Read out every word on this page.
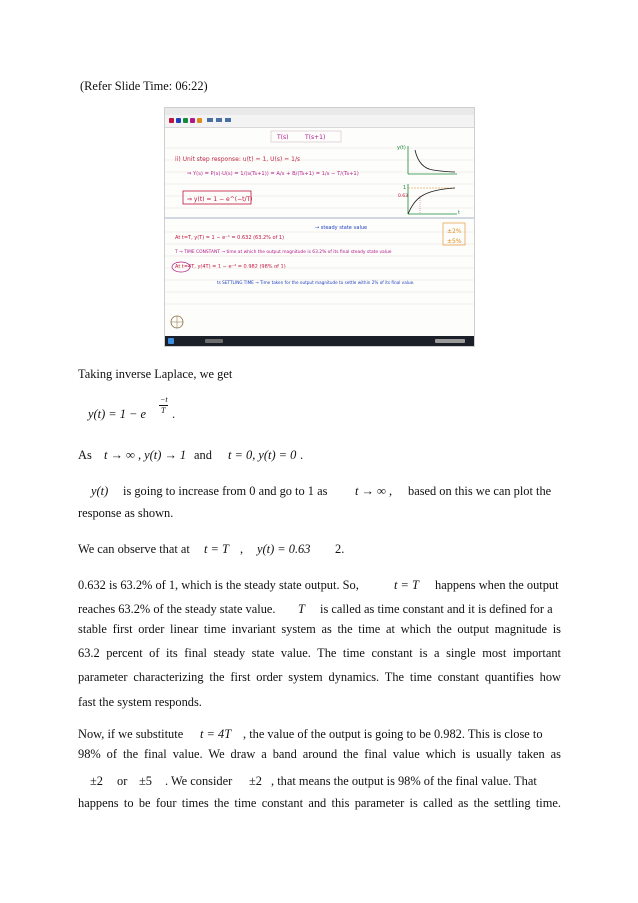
(Refer Slide Time: 06:22)
T(s)	T(s+1)
ii) Unit step response: u(t) = 1, U(s) = 1/s
⇒ Y(s) = P(s)·U(s) = 1/(s(Ts+1)) = A/s + B/(Ts+1) = 1/s − T/(Ts+1)
⇒ y(t) = 1 − e^(−t/T)
→ steady state value
At t=T, y(T) = 1 − e⁻¹ = 0.632 (63.2% of 1)
T → TIME CONSTANT → time at which the output magnitude is 63.2% of its final steady state value
At t=4T, y(4T) = 1 − e⁻⁴ = 0.982 (98% of 1)
ts SETTLING TIME → Time taken for the output magnitude to settle within 2% of its final value.
±2%
±5%
y(t)
t
1
0.63
Taking inverse Laplace, we get
y(t) = 1 − e
−t
T .
As t → ∞ , y(t) → 1 and t = 0, y(t) = 0 .
y(t) is going to increase from 0 and go to 1 as t → ∞ , based on this we can plot the
response as shown.
We can observe that at t = T , y(t) = 0.63 2.
0.632 is 63.2% of 1, which is the steady state output. So,	t = T happens when the output
reaches 63.2% of the steady state value. T is called as time constant and it is defined for a
stable first order linear time invariant system as the time at which the output magnitude is
63.2 percent of its final steady state value. The time constant is a single most important
parameter characterizing the first order system dynamics. The time constant quantifies how
fast the system responds.
Now, if we substitute t = 4T , the value of the output is going to be 0.982. This is close to
98% of the final value. We draw a band around the final value which is usually taken as
±2 or ±5 . We consider ±2 , that means the output is 98% of the final value. That
happens to be four times the time constant and this parameter is called as the settling time.
